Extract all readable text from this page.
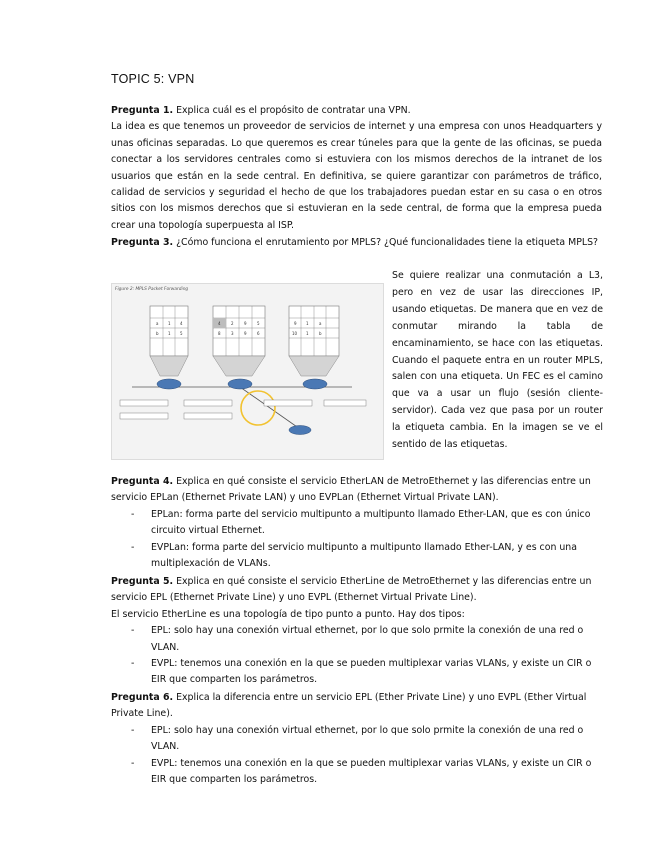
TOPIC 5: VPN
Pregunta 1. Explica cuál es el propósito de contratar una VPN.
La idea es que tenemos un proveedor de servicios de internet y una empresa con unos Headquarters y unas oficinas separadas. Lo que queremos es crear túneles para que la gente de las oficinas, se pueda conectar a los servidores centrales como si estuviera con los mismos derechos de la intranet de los usuarios que están en la sede central. En definitiva, se quiere garantizar con parámetros de tráfico, calidad de servicios y seguridad el hecho de que los trabajadores puedan estar en su casa o en otros sitios con los mismos derechos que si estuvieran en la sede central, de forma que la empresa pueda crear una topología superpuesta al ISP.
Pregunta 3. ¿Cómo funciona el enrutamiento por MPLS? ¿Qué funcionalidades tiene la etiqueta MPLS?
Figure 2: MPLS Packet Forwarding
a 1 4
b 1 5
4	2	9	5
8	3	9	6
9 1	a
10 1	b
Se quiere realizar una conmutación a L3, pero en vez de usar las direcciones IP, usando etiquetas. De manera que en vez de conmutar mirando la tabla de encaminamiento, se hace con las etiquetas. Cuando el paquete entra en un router MPLS, salen con una etiqueta. Un FEC es el camino que va a usar un flujo (sesión cliente-servidor). Cada vez que pasa por un router la etiqueta cambia. En la imagen se ve el sentido de las etiquetas.
Pregunta 4. Explica en qué consiste el servicio EtherLAN de MetroEthernet y las diferencias entre un servicio EPLan (Ethernet Private LAN) y uno EVPLan (Ethernet Virtual Private LAN).
- EPLan: forma parte del servicio multipunto a multipunto llamado Ether-LAN, que es con único circuito virtual Ethernet.
- EVPLan: forma parte del servicio multipunto a multipunto llamado Ether-LAN, y es con una multiplexación de VLANs.
Pregunta 5. Explica en qué consiste el servicio EtherLine de MetroEthernet y las diferencias entre un servicio EPL (Ethernet Private Line) y uno EVPL (Ethernet Virtual Private Line).
El servicio EtherLine es una topología de tipo punto a punto. Hay dos tipos:
- EPL: solo hay una conexión virtual ethernet, por lo que solo prmite la conexión de una red o VLAN.
- EVPL: tenemos una conexión en la que se pueden multiplexar varias VLANs, y existe un CIR o EIR que comparten los parámetros.
Pregunta 6. Explica la diferencia entre un servicio EPL (Ether Private Line) y uno EVPL (Ether Virtual Private Line).
- EPL: solo hay una conexión virtual ethernet, por lo que solo prmite la conexión de una red o VLAN.
- EVPL: tenemos una conexión en la que se pueden multiplexar varias VLANs, y existe un CIR o EIR que comparten los parámetros.
